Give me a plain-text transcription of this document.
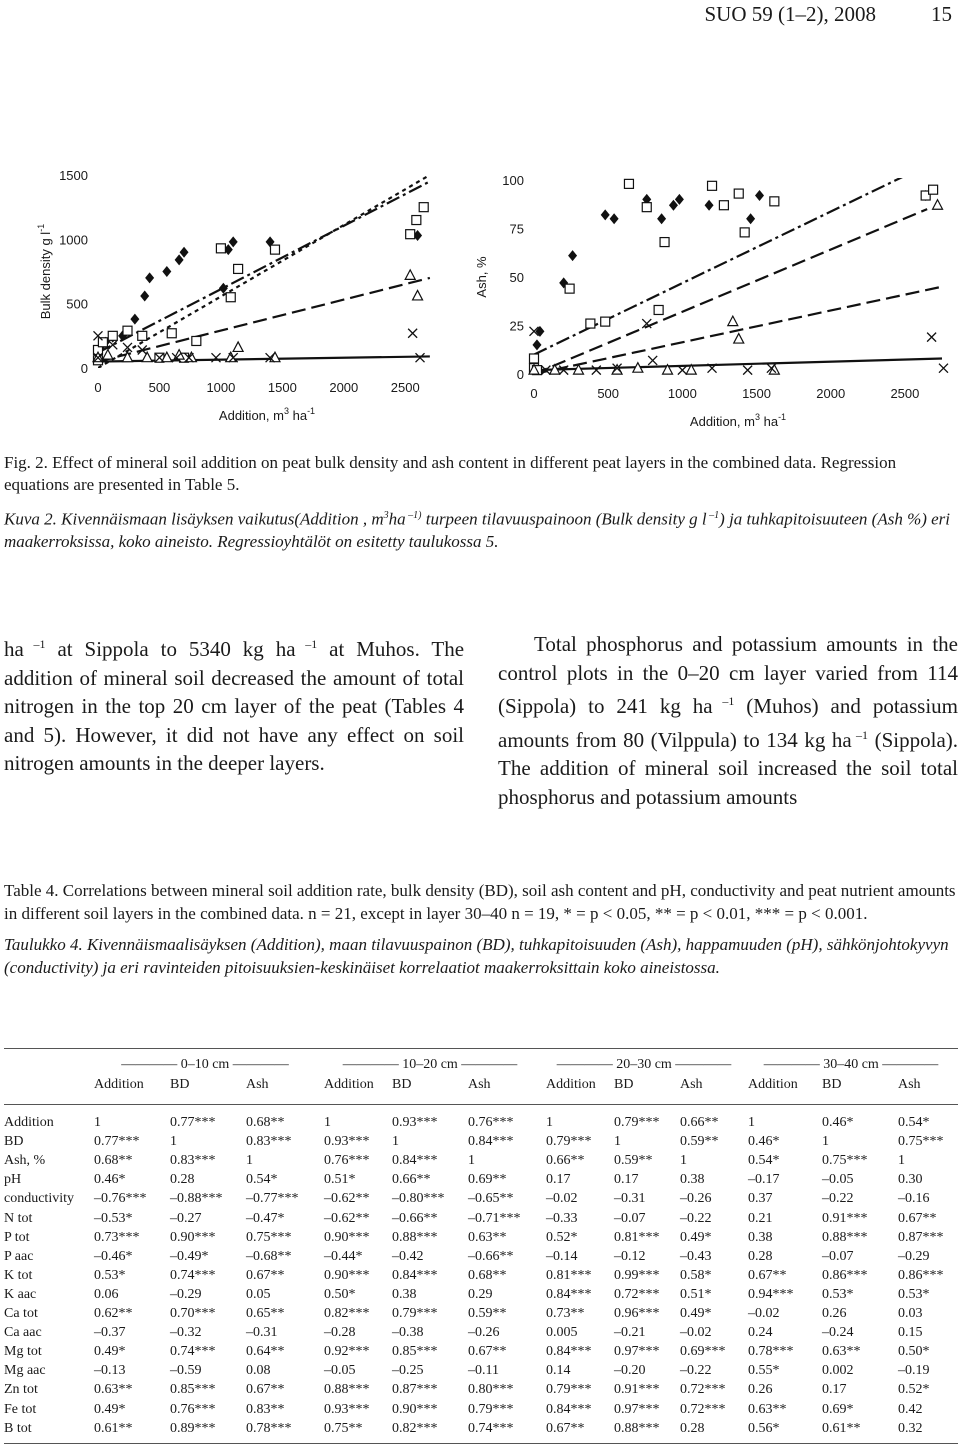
SUO 59 (1–2), 2008	15
0
500
1000
1500
0	500	1000	1500	2000	2500
Bulk density g $l^{-1}$
Addition, $m^3$ $ha^{-1}$
0
25
50
75
100
0	500	1000	1500	2000	2500
Ash, %
Addition, $m^3$ $ha^{-1}$
Fig. 2. Effect of mineral soil addition on peat bulk density and ash content in different peat layers in the combined data. Regression equations are presented in Table 5.
Kuva 2. Kivennäismaan lisäyksen vaikutus(Addition , $m^3ha$ $^{-1)}$ turpeen tilavuuspainoon (Bulk density g l $^{-1}$) ja tuhkapitoisuuteen (Ash %) eri maakerroksissa, koko aineisto. Regressioyhtälöt on esitetty taulukossa 5.
ha $^{-1}$ at Sippola to 5340 kg ha $^{-1}$ at Muhos. The addition of mineral soil decreased the amount of total nitrogen in the top 20 cm layer of the peat (Tables 4 and 5). However, it did not have any effect on soil nitrogen amounts in the deeper layers.
Total phosphorus and potassium amounts in the control plots in the 0–20 cm layer varied from 114 (Sippola) to 241 kg ha $^{-1}$ (Muhos) and potassium amounts from 80 (Vilppula) to 134 kg ha $^{-1}$ (Sippola). The addition of mineral soil increased the soil total phosphorus and potassium amounts
Table 4. Correlations between mineral soil addition rate, bulk density (BD), soil ash content and pH, conductivity and peat nutrient amounts in different soil layers in the combined data. n = 21, except in layer 30–40 n = 19, * = p < 0.05, ** = p < 0.01, *** = p < 0.001.
Taulukko 4. Kivennäismaalisäyksen (Addition), maan tilavuuspainon (BD), tuhkapitoisuuden (Ash), happamuuden (pH), sähkönjohtokyvyn (conductivity) ja eri ravinteiden pitoisuuksien-keskinäiset korrelaatiot maakerroksittain koko aineistossa.
———— 0–10 cm ————	———— 10–20 cm ————	———— 20–30 cm ————	———— 30–40 cm ————
Addition BD	Ash	Addition BD	Ash	Addition BD	Ash	Addition BD	Ash
Addition	1	0.77*** 0.68**	1	0.93*** 0.76*** 1	0.79*** 0.66** 1	0.46*	0.54*
BD	0.77*** 1	0.83*** 0.93*** 1	0.84*** 0.79*** 1	0.59** 0.46*	1	0.75***
Ash, %	0.68**	0.83*** 1	0.76*** 0.84*** 1	0.66** 0.59** 1	0.54*	0.75*** 1
pH	0.46*	0.28	0.54*	0.51*	0.66**	0.69**	0.17	0.17	0.38	–0.17	–0.05	0.30
conductivity –0.76*** –0.88*** –0.77*** –0.62** –0.80*** –0.65** –0.02	–0.31 –0.26	0.37	–0.22	–0.16
N tot	–0.53*	–0.27	–0.47*	–0.62** –0.66** –0.71*** –0.33	–0.07 –0.22	0.21	0.91*** 0.67**
P tot	0.73*** 0.90*** 0.75*** 0.90*** 0.88*** 0.63**	0.52*	0.81*** 0.49*	0.38	0.88*** 0.87***
P aac	–0.46*	–0.49*	–0.68** –0.44* –0.42	–0.66** –0.14	–0.12 –0.43	0.28	–0.07	–0.29
K tot	0.53*	0.74*** 0.67**	0.90*** 0.84*** 0.68**	0.81*** 0.99*** 0.58*	0.67**	0.86*** 0.86***
K aac	0.06	–0.29	0.05	0.50*	0.38	0.29	0.84*** 0.72*** 0.51*	0.94*** 0.53*	0.53*
Ca tot	0.62**	0.70*** 0.65**	0.82*** 0.79*** 0.59**	0.73** 0.96*** 0.49*	–0.02	0.26	0.03
Ca aac	–0.37	–0.32	–0.31	–0.28	–0.38	–0.26	0.005	–0.21 –0.02	0.24	–0.24	0.15
Mg tot	0.49*	0.74*** 0.64**	0.92*** 0.85*** 0.67**	0.84*** 0.97*** 0.69*** 0.78*** 0.63**	0.50*
Mg aac	–0.13	–0.59	0.08	–0.05	–0.25	–0.11	0.14	–0.20 –0.22	0.55*	0.002	–0.19
Zn tot	0.63**	0.85*** 0.67**	0.88*** 0.87*** 0.80*** 0.79*** 0.91*** 0.72*** 0.26	0.17	0.52*
Fe tot	0.49*	0.76*** 0.83**	0.93*** 0.90*** 0.79*** 0.84*** 0.97*** 0.72*** 0.63**	0.69*	0.42
B tot	0.61**	0.89*** 0.78*** 0.75** 0.82*** 0.74*** 0.67** 0.88*** 0.28	0.56*	0.61**	0.32
